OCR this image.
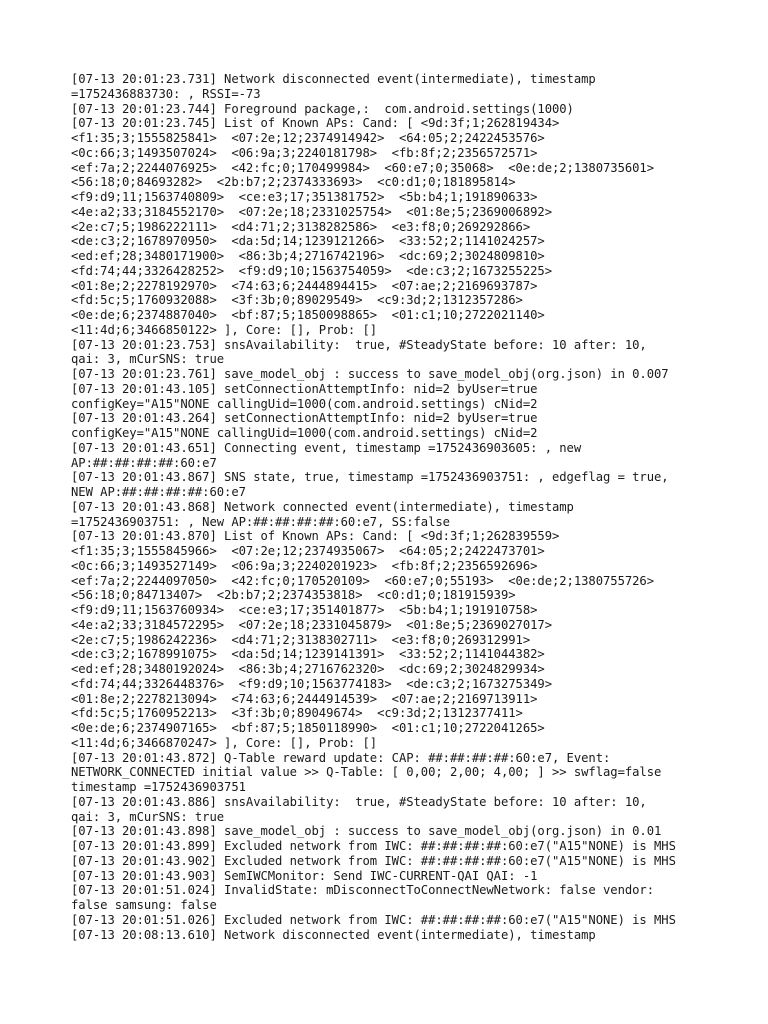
[07-13 20:01:23.731] Network disconnected event(intermediate), timestamp
=1752436883730: , RSSI=-73
[07-13 20:01:23.744] Foreground package,:  com.android.settings(1000)
[07-13 20:01:23.745] List of Known APs: Cand: [ <9d:3f;1;262819434>
<f1:35;3;1555825841>  <07:2e;12;2374914942>  <64:05;2;2422453576>
<0c:66;3;1493507024>  <06:9a;3;2240181798>  <fb:8f;2;2356572571>
<ef:7a;2;2244076925>  <42:fc;0;170499984>  <60:e7;0;35068>  <0e:de;2;1380735601>
<56:18;0;84693282>  <2b:b7;2;2374333693>  <c0:d1;0;181895814>
<f9:d9;11;1563740809>  <ce:e3;17;351381752>  <5b:b4;1;191890633>
<4e:a2;33;3184552170>  <07:2e;18;2331025754>  <01:8e;5;2369006892>
<2e:c7;5;1986222111>  <d4:71;2;3138282586>  <e3:f8;0;269292866>
<de:c3;2;1678970950>  <da:5d;14;1239121266>  <33:52;2;1141024257>
<ed:ef;28;3480171900>  <86:3b;4;2716742196>  <dc:69;2;3024809810>
<fd:74;44;3326428252>  <f9:d9;10;1563754059>  <de:c3;2;1673255225>
<01:8e;2;2278192970>  <74:63;6;2444894415>  <07:ae;2;2169693787>
<fd:5c;5;1760932088>  <3f:3b;0;89029549>  <c9:3d;2;1312357286>
<0e:de;6;2374887040>  <bf:87;5;1850098865>  <01:c1;10;2722021140>
<11:4d;6;3466850122> ], Core: [], Prob: []
[07-13 20:01:23.753] snsAvailability:  true, #SteadyState before: 10 after: 10,
qai: 3, mCurSNS: true
[07-13 20:01:23.761] save_model_obj : success to save_model_obj(org.json) in 0.007
[07-13 20:01:43.105] setConnectionAttemptInfo: nid=2 byUser=true
configKey="A15"NONE callingUid=1000(com.android.settings) cNid=2
[07-13 20:01:43.264] setConnectionAttemptInfo: nid=2 byUser=true
configKey="A15"NONE callingUid=1000(com.android.settings) cNid=2
[07-13 20:01:43.651] Connecting event, timestamp =1752436903605: , new
AP:##:##:##:##:60:e7
[07-13 20:01:43.867] SNS state, true, timestamp =1752436903751: , edgeflag = true,
NEW AP:##:##:##:##:60:e7
[07-13 20:01:43.868] Network connected event(intermediate), timestamp
=1752436903751: , New AP:##:##:##:##:60:e7, SS:false
[07-13 20:01:43.870] List of Known APs: Cand: [ <9d:3f;1;262839559>
<f1:35;3;1555845966>  <07:2e;12;2374935067>  <64:05;2;2422473701>
<0c:66;3;1493527149>  <06:9a;3;2240201923>  <fb:8f;2;2356592696>
<ef:7a;2;2244097050>  <42:fc;0;170520109>  <60:e7;0;55193>  <0e:de;2;1380755726>
<56:18;0;84713407>  <2b:b7;2;2374353818>  <c0:d1;0;181915939>
<f9:d9;11;1563760934>  <ce:e3;17;351401877>  <5b:b4;1;191910758>
<4e:a2;33;3184572295>  <07:2e;18;2331045879>  <01:8e;5;2369027017>
<2e:c7;5;1986242236>  <d4:71;2;3138302711>  <e3:f8;0;269312991>
<de:c3;2;1678991075>  <da:5d;14;1239141391>  <33:52;2;1141044382>
<ed:ef;28;3480192024>  <86:3b;4;2716762320>  <dc:69;2;3024829934>
<fd:74;44;3326448376>  <f9:d9;10;1563774183>  <de:c3;2;1673275349>
<01:8e;2;2278213094>  <74:63;6;2444914539>  <07:ae;2;2169713911>
<fd:5c;5;1760952213>  <3f:3b;0;89049674>  <c9:3d;2;1312377411>
<0e:de;6;2374907165>  <bf:87;5;1850118990>  <01:c1;10;2722041265>
<11:4d;6;3466870247> ], Core: [], Prob: []
[07-13 20:01:43.872] Q-Table reward update: CAP: ##:##:##:##:60:e7, Event:
NETWORK_CONNECTED initial value >> Q-Table: [ 0,00; 2,00; 4,00; ] >> swflag=false
timestamp =1752436903751
[07-13 20:01:43.886] snsAvailability:  true, #SteadyState before: 10 after: 10,
qai: 3, mCurSNS: true
[07-13 20:01:43.898] save_model_obj : success to save_model_obj(org.json) in 0.01
[07-13 20:01:43.899] Excluded network from IWC: ##:##:##:##:60:e7("A15"NONE) is MHS
[07-13 20:01:43.902] Excluded network from IWC: ##:##:##:##:60:e7("A15"NONE) is MHS
[07-13 20:01:43.903] SemIWCMonitor: Send IWC-CURRENT-QAI QAI: -1
[07-13 20:01:51.024] InvalidState: mDisconnectToConnectNewNetwork: false vendor:
false samsung: false
[07-13 20:01:51.026] Excluded network from IWC: ##:##:##:##:60:e7("A15"NONE) is MHS
[07-13 20:08:13.610] Network disconnected event(intermediate), timestamp
